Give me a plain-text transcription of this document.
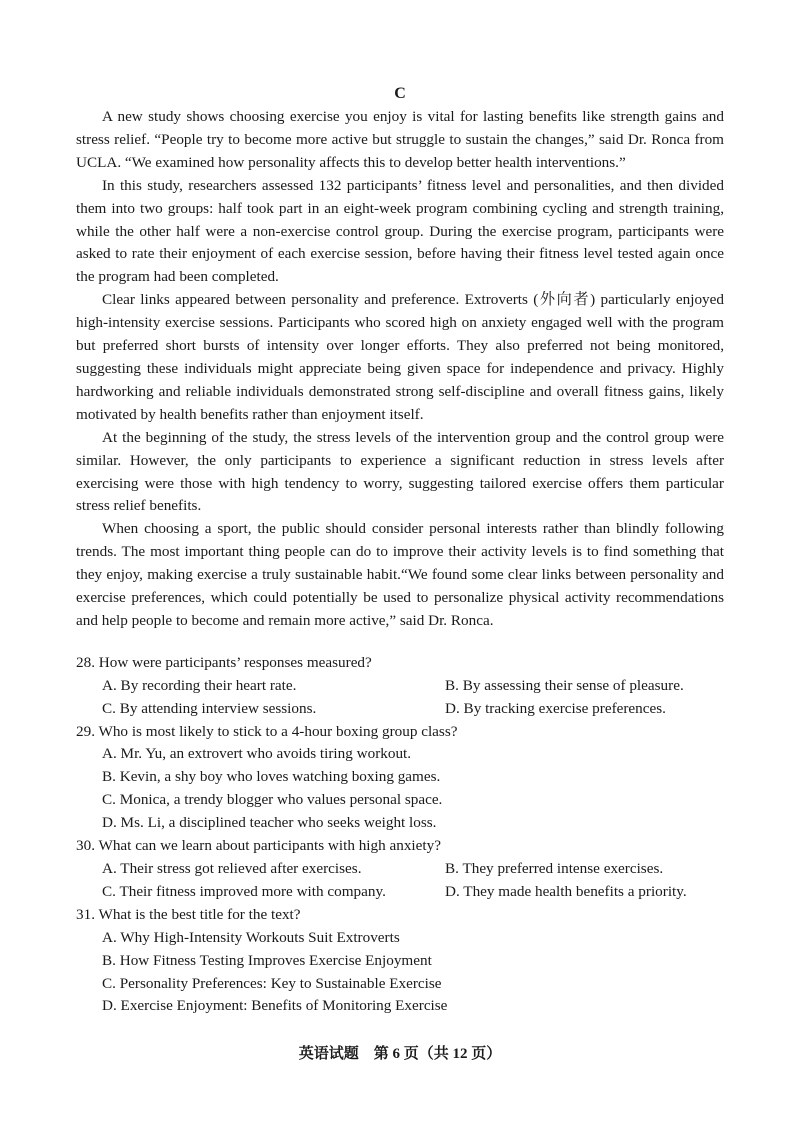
C

A new study shows choosing exercise you enjoy is vital for lasting benefits like strength gains and stress relief. “People try to become more active but struggle to sustain the changes,” said Dr. Ronca from UCLA. “We examined how personality affects this to develop better health interventions.”

In this study, researchers assessed 132 participants’ fitness level and personalities, and then divided them into two groups: half took part in an eight-week program combining cycling and strength training, while the other half were a non-exercise control group. During the exercise program, participants were asked to rate their enjoyment of each exercise session, before having their fitness level tested again once the program had been completed.

Clear links appeared between personality and preference. Extroverts (外向者) particularly enjoyed high-intensity exercise sessions. Participants who scored high on anxiety engaged well with the program but preferred short bursts of intensity over longer efforts. They also preferred not being monitored, suggesting these individuals might appreciate being given space for independence and privacy. Highly hardworking and reliable individuals demonstrated strong self-discipline and overall fitness gains, likely motivated by health benefits rather than enjoyment itself.

At the beginning of the study, the stress levels of the intervention group and the control group were similar. However, the only participants to experience a significant reduction in stress levels after exercising were those with high tendency to worry, suggesting tailored exercise offers them particular stress relief benefits.

When choosing a sport, the public should consider personal interests rather than blindly following trends. The most important thing people can do to improve their activity levels is to find something that they enjoy, making exercise a truly sustainable habit.“We found some clear links between personality and exercise preferences, which could potentially be used to personalize physical activity recommendations and help people to become and remain more active,” said Dr. Ronca.

28. How were participants’ responses measured?

A. By recording their heart rate.	B. By assessing their sense of pleasure.
C. By attending interview sessions.	D. By tracking exercise preferences.

29. Who is most likely to stick to a 4-hour boxing group class?

A. Mr. Yu, an extrovert who avoids tiring workout.
B. Kevin, a shy boy who loves watching boxing games.
C. Monica, a trendy blogger who values personal space.
D. Ms. Li, a disciplined teacher who seeks weight loss.

30. What can we learn about participants with high anxiety?

A. Their stress got relieved after exercises.	B. They preferred intense exercises.
C. Their fitness improved more with company.	D. They made health benefits a priority.

31. What is the best title for the text?

A. Why High-Intensity Workouts Suit Extroverts
B. How Fitness Testing Improves Exercise Enjoyment
C. Personality Preferences: Key to Sustainable Exercise
D. Exercise Enjoyment: Benefits of Monitoring Exercise
英语试题　第 6 页（共 12 页）
